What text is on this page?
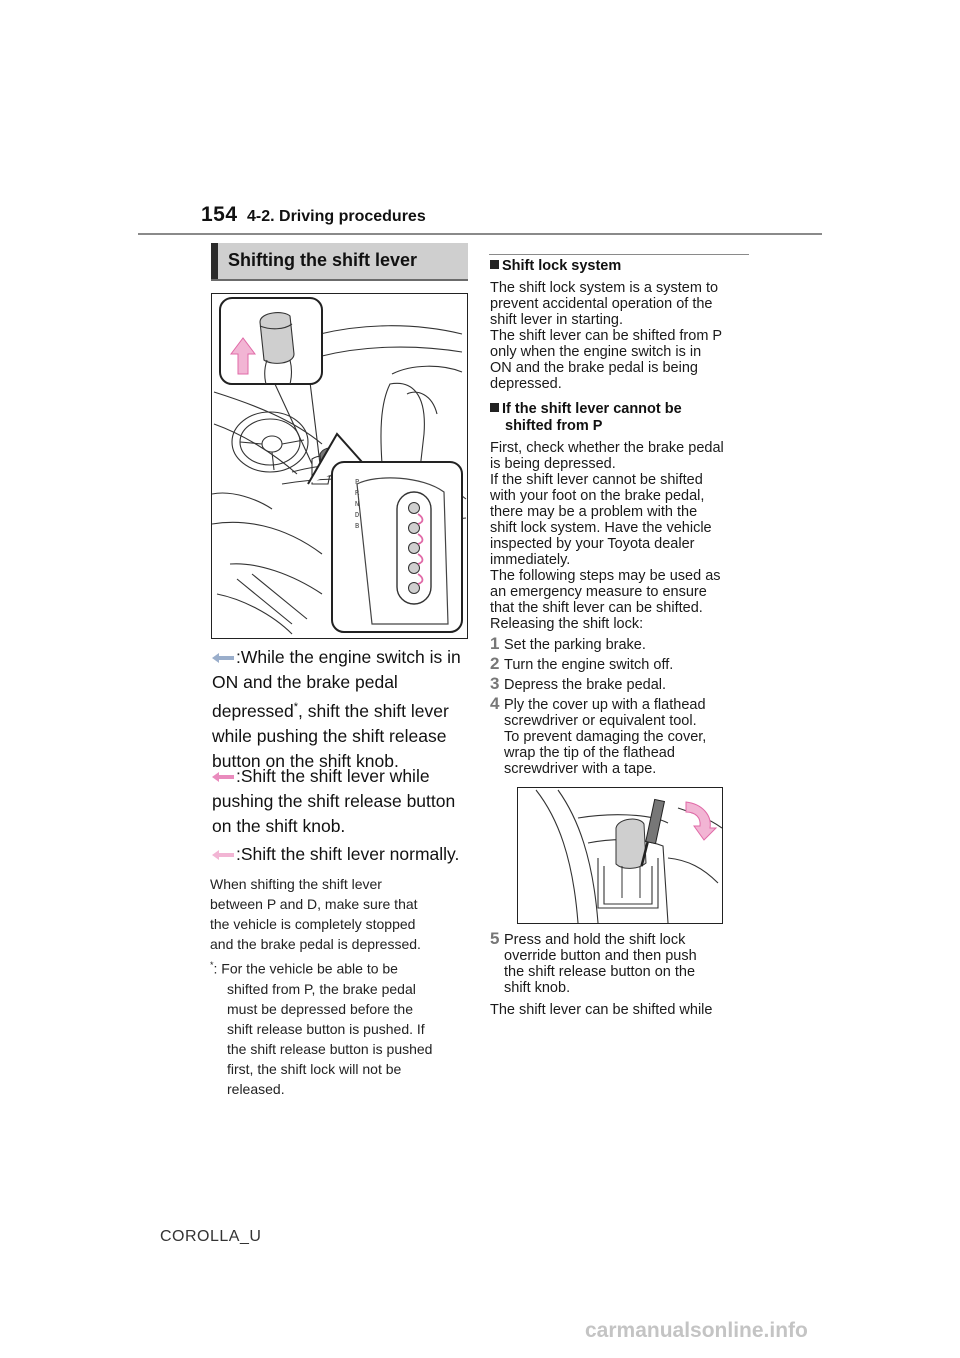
154 4-2. Driving procedures
Shifting the shift lever
P
R
N
D
B
:While the engine switch is in
ON and the brake pedal
depressed*, shift the shift lever
while pushing the shift release
button on the shift knob.
:Shift the shift lever while
pushing the shift release button
on the shift knob.
:Shift the shift lever normally.
When shifting the shift lever
between P and D, make sure that
the vehicle is completely stopped
and the brake pedal is depressed.
*: For the vehicle be able to be
shifted from P, the brake pedal
must be depressed before the
shift release button is pushed. If
the shift release button is pushed
first, the shift lock will not be
released.
Shift lock system
The shift lock system is a system to
prevent accidental operation of the
shift lever in starting.
The shift lever can be shifted from P
only when the engine switch is in
ON and the brake pedal is being
depressed.
If the shift lever cannot be
shifted from P
First, check whether the brake pedal
is being depressed.
If the shift lever cannot be shifted
with your foot on the brake pedal,
there may be a problem with the
shift lock system. Have the vehicle
inspected by your Toyota dealer
immediately.
The following steps may be used as
an emergency measure to ensure
that the shift lever can be shifted.
Releasing the shift lock:
1 Set the parking brake.
2 Turn the engine switch off.
3 Depress the brake pedal.
4 Ply the cover up with a flathead
screwdriver or equivalent tool.
To prevent damaging the cover,
wrap the tip of the flathead
screwdriver with a tape.
5 Press and hold the shift lock
override button and then push
the shift release button on the
shift knob.
The shift lever can be shifted while
COROLLA_U
carmanualsonline.info
